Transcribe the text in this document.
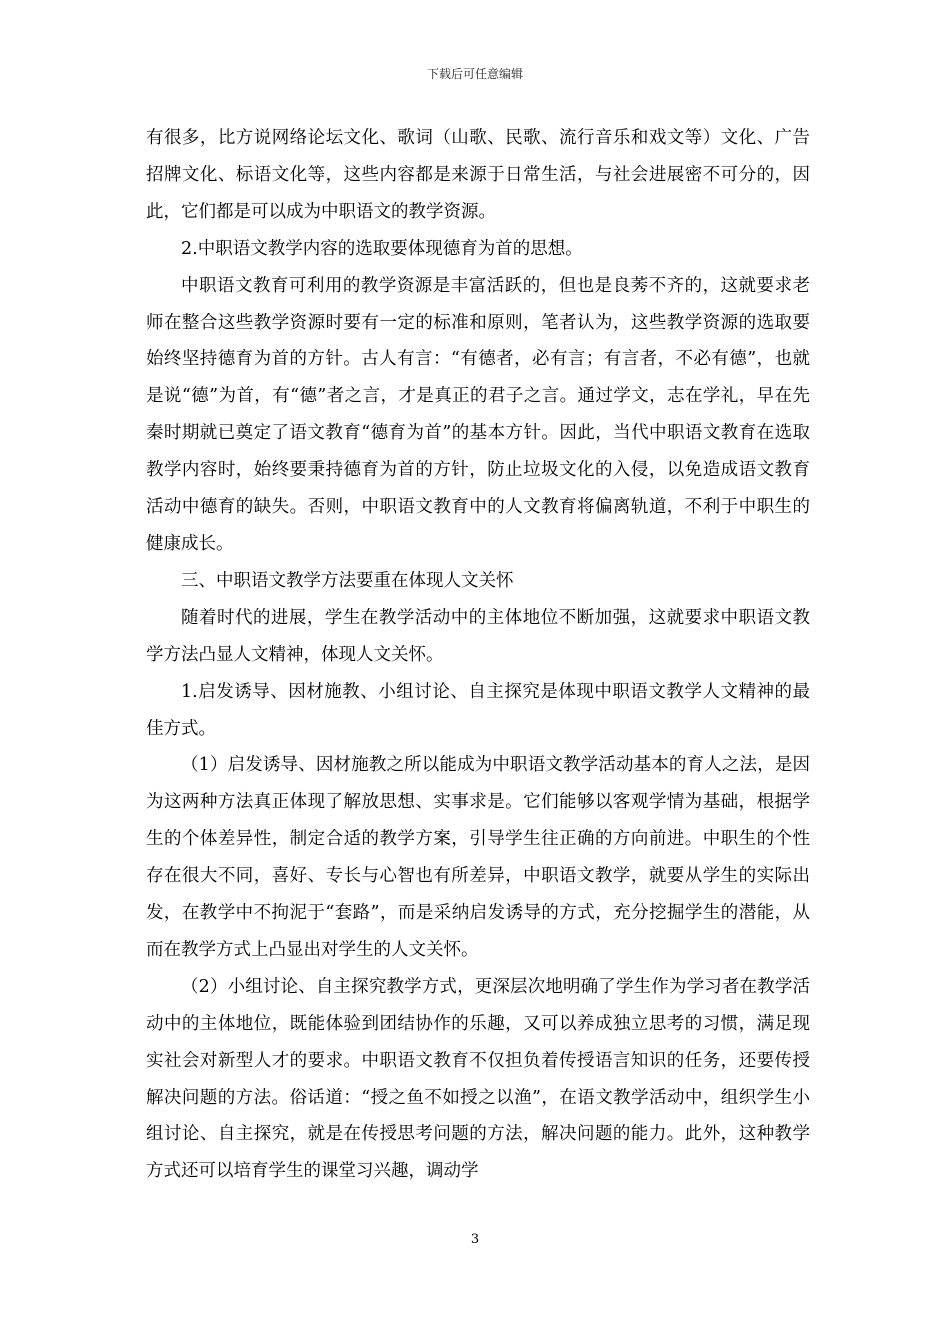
下载后可任意编辑

有很多，比方说网络论坛文化、歌词（山歌、民歌、流行音乐和戏文等）文化、广告招牌文化、标语文化等，这些内容都是来源于日常生活，与社会进展密不可分的，因此，它们都是可以成为中职语文的教学资源。

2.中职语文教学内容的选取要体现德育为首的思想。

中职语文教育可利用的教学资源是丰富活跃的，但也是良莠不齐的，这就要求老师在整合这些教学资源时要有一定的标准和原则，笔者认为，这些教学资源的选取要始终坚持德育为首的方针。古人有言：“有德者，必有言；有言者，不必有德”，也就是说“德”为首，有“德”者之言，才是真正的君子之言。通过学文，志在学礼，早在先秦时期就已奠定了语文教育“德育为首”的基本方针。因此，当代中职语文教育在选取教学内容时，始终要秉持德育为首的方针，防止垃圾文化的入侵，以免造成语文教育活动中德育的缺失。否则，中职语文教育中的人文教育将偏离轨道，不利于中职生的健康成长。

三、中职语文教学方法要重在体现人文关怀

随着时代的进展，学生在教学活动中的主体地位不断加强，这就要求中职语文教学方法凸显人文精神，体现人文关怀。

1.启发诱导、因材施教、小组讨论、自主探究是体现中职语文教学人文精神的最佳方式。

（1）启发诱导、因材施教之所以能成为中职语文教学活动基本的育人之法，是因为这两种方法真正体现了解放思想、实事求是。它们能够以客观学情为基础，根据学生的个体差异性，制定合适的教学方案，引导学生往正确的方向前进。中职生的个性存在很大不同，喜好、专长与心智也有所差异，中职语文教学，就要从学生的实际出发，在教学中不拘泥于“套路”，而是采纳启发诱导的方式，充分挖掘学生的潜能，从而在教学方式上凸显出对学生的人文关怀。

（2）小组讨论、自主探究教学方式，更深层次地明确了学生作为学习者在教学活动中的主体地位，既能体验到团结协作的乐趣，又可以养成独立思考的习惯，满足现实社会对新型人才的要求。中职语文教育不仅担负着传授语言知识的任务，还要传授解决问题的方法。俗话道：“授之鱼不如授之以渔”，在语文教学活动中，组织学生小组讨论、自主探究，就是在传授思考问题的方法，解决问题的能力。此外，这种教学方式还可以培育学生的课堂习兴趣，调动学

3
